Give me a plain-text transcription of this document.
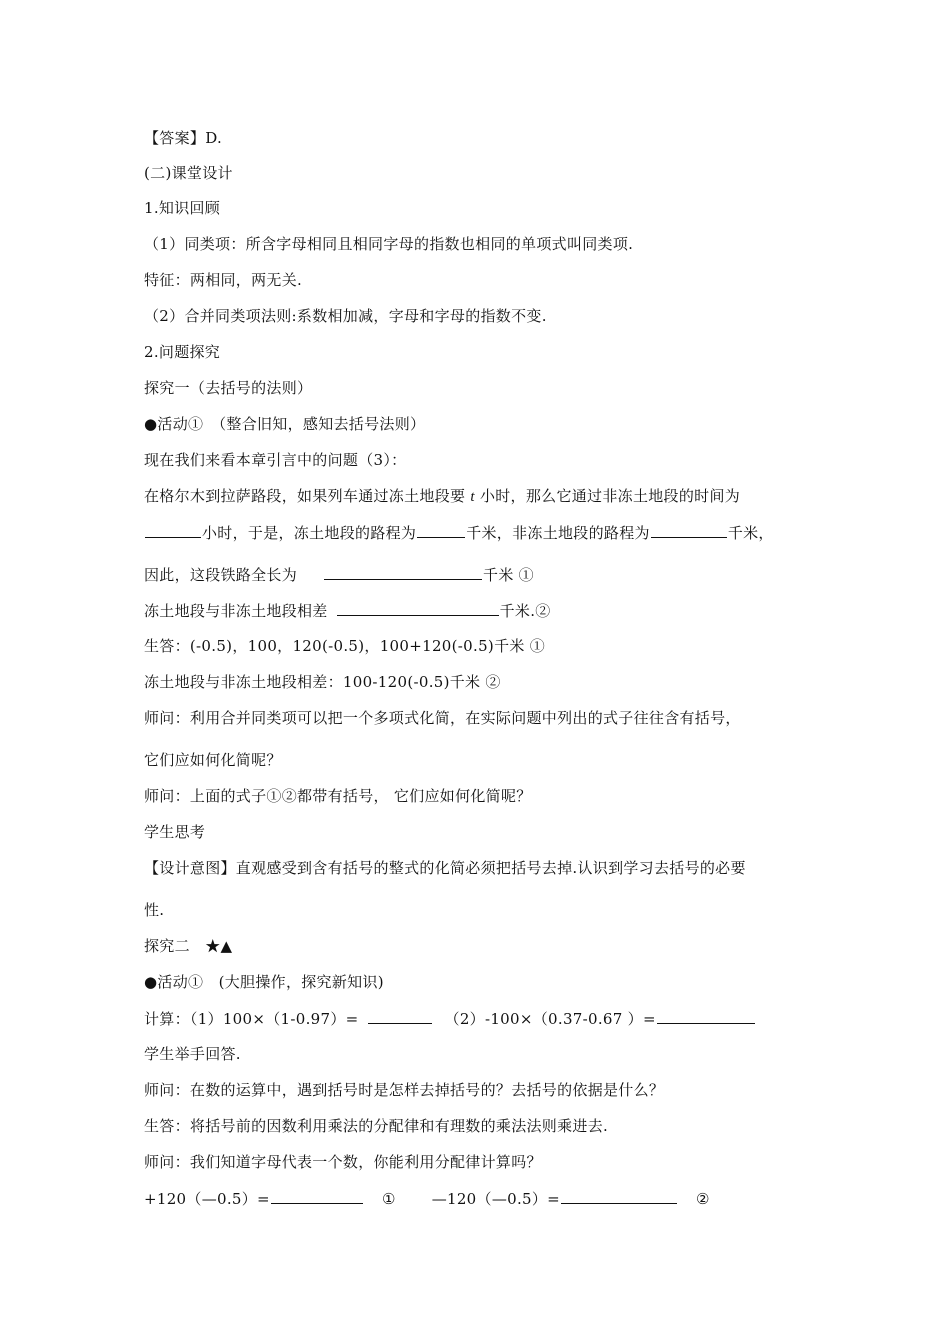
【答案】D.
(二)课堂设计
1.知识回顾
（1）同类项：所含字母相同且相同字母的指数也相同的单项式叫同类项.
特征：两相同，两无关.
（2）合并同类项法则:系数相加减，字母和字母的指数不变.
2.问题探究
探究一（去括号的法则）
●活动①　（整合旧知，感知去括号法则）
现在我们来看本章引言中的问题（3）：
在格尔木到拉萨路段，如果列车通过冻土地段要 t 小时，那么它通过非冻土地段的时间为
小时，于是，冻土地段的路程为	千米，非冻土地段的路程为	千米，
因此，这段铁路全长为	千米 ①
冻土地段与非冻土地段相差	千米.②
生答：(-0.5)，100，120(-0.5)，100+120(-0.5)千米 ①
冻土地段与非冻土地段相差：100-120(-0.5)千米 ②
师问：利用合并同类项可以把一个多项式化简，在实际问题中列出的式子往往含有括号，
它们应如何化简呢？
师问：上面的式子①②都带有括号， 它们应如何化简呢？
学生思考
【设计意图】直观感受到含有括号的整式的化简必须把括号去掉.认识到学习去括号的必要
性.
探究二　★▲
●活动①　(大胆操作，探究新知识)
计算：（1）100×（1-0.97）=	（2）-100×（0.37-0.67 ）=
学生举手回答.
师问：在数的运算中，遇到括号时是怎样去掉括号的？去括号的依据是什么？
生答：将括号前的因数利用乘法的分配律和有理数的乘法法则乘进去.
师问：我们知道字母代表一个数，你能利用分配律计算吗？
+120（—0.5）=	① —120（—0.5）=	②
